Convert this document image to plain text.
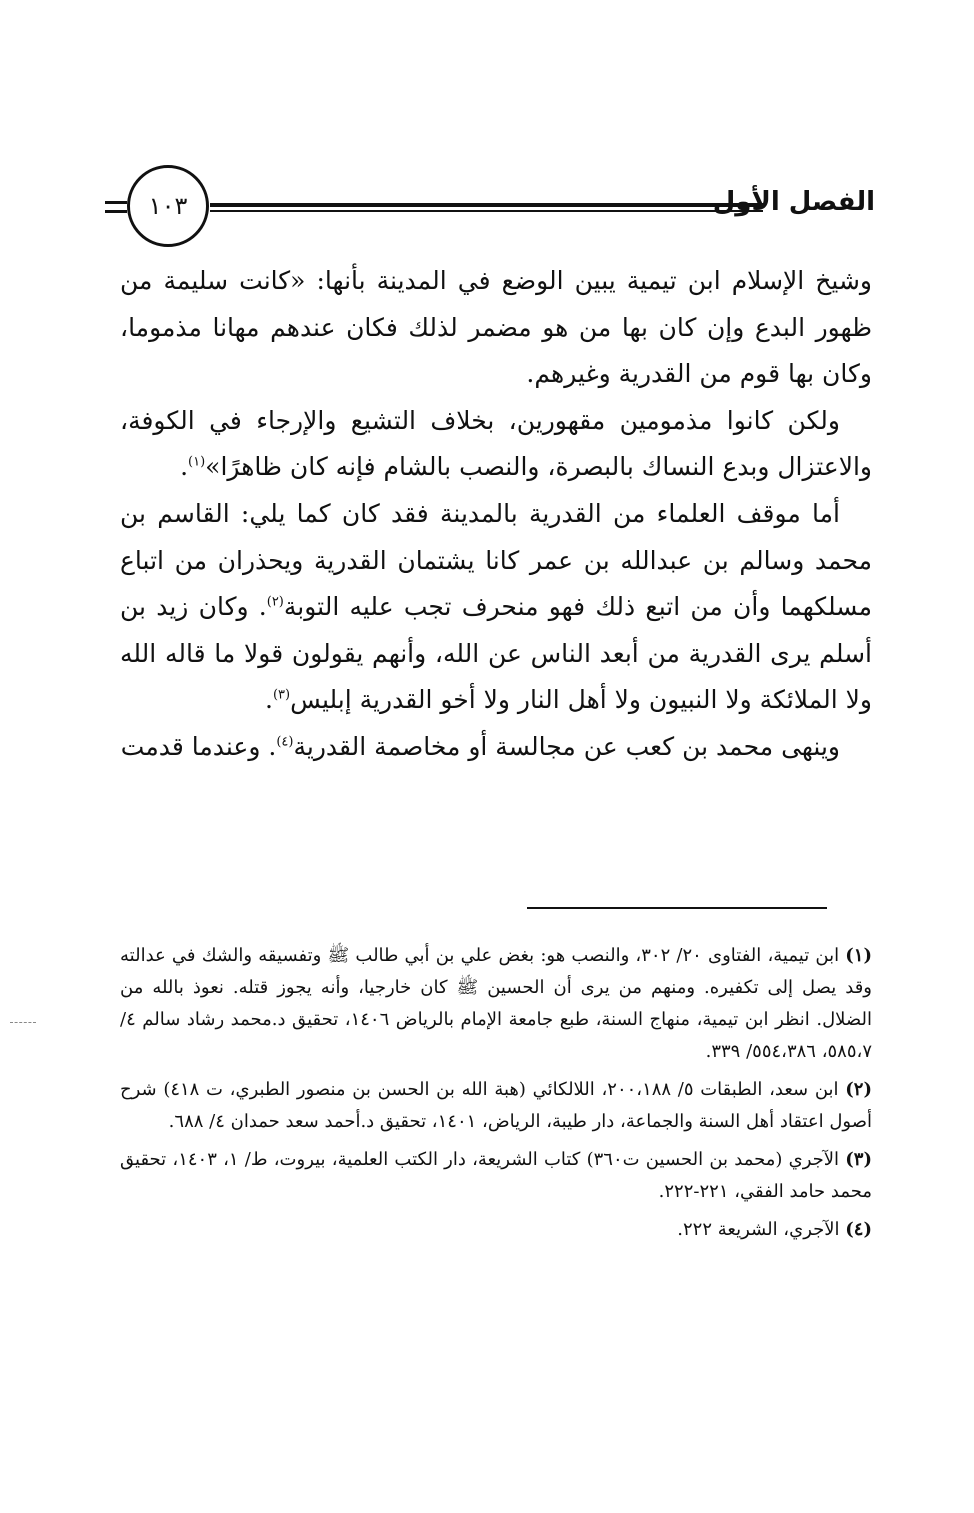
الفصل الأول
١٠٣

وشيخ الإسلام ابن تيمية يبين الوضع في المدينة بأنها: «كانت سليمة من ظهور البدع وإن كان بها من هو مضمر لذلك فكان عندهم مهانا مذموما، وكان بها قوم من القدرية وغيرهم.

ولكن كانوا مذمومين مقهورين، بخلاف التشيع والإرجاء في الكوفة، والاعتزال وبدع النساك بالبصرة، والنصب بالشام فإنه كان ظاهرًا»$^{(١)}$.

أما موقف العلماء من القدرية بالمدينة فقد كان كما يلي: القاسم بن محمد وسالم بن عبدالله بن عمر كانا يشتمان القدرية ويحذران من اتباع مسلكهما وأن من اتبع ذلك فهو منحرف تجب عليه التوبة$^{(٢)}$. وكان زيد بن أسلم يرى القدرية من أبعد الناس عن الله، وأنهم يقولون قولا ما قاله الله ولا الملائكة ولا النبيون ولا أهل النار ولا أخو القدرية إبليس$^{(٣)}$.

وينهى محمد بن كعب عن مجالسة أو مخاصمة القدرية$^{(٤)}$. وعندما قدمت

(١) ابن تيمية، الفتاوى ٢٠/ ٣٠٢، والنصب هو: بغض علي بن أبي طالب ﷺ وتفسيقه والشك في عدالته وقد يصل إلى تكفيره. ومنهم من يرى أن الحسين ﷺ كان خارجيا، وأنه يجوز قتله. نعوذ بالله من الضلال. انظر ابن تيمية، منهاج السنة، طبع جامعة الإمام بالرياض ١٤٠٦، تحقيق د.محمد رشاد سالم ٤/ ٥٨٥،٧، ٥٥٤،٣٨٦/ ٣٣٩.

(٢) ابن سعد، الطبقات ٥/ ٢٠٠،١٨٨، اللالكائي (هبة الله بن الحسن بن منصور الطبري، ت ٤١٨) شرح أصول اعتقاد أهل السنة والجماعة، دار طيبة، الرياض، ١٤٠١، تحقيق د.أحمد سعد حمدان ٤/ ٦٨٨.

(٣) الآجري (محمد بن الحسين ت٣٦٠) كتاب الشريعة، دار الكتب العلمية، بيروت، ط/ ١، ١٤٠٣، تحقيق محمد حامد الفقي، ٢٢١-٢٢٢.

(٤) الآجري، الشريعة ٢٢٢.
